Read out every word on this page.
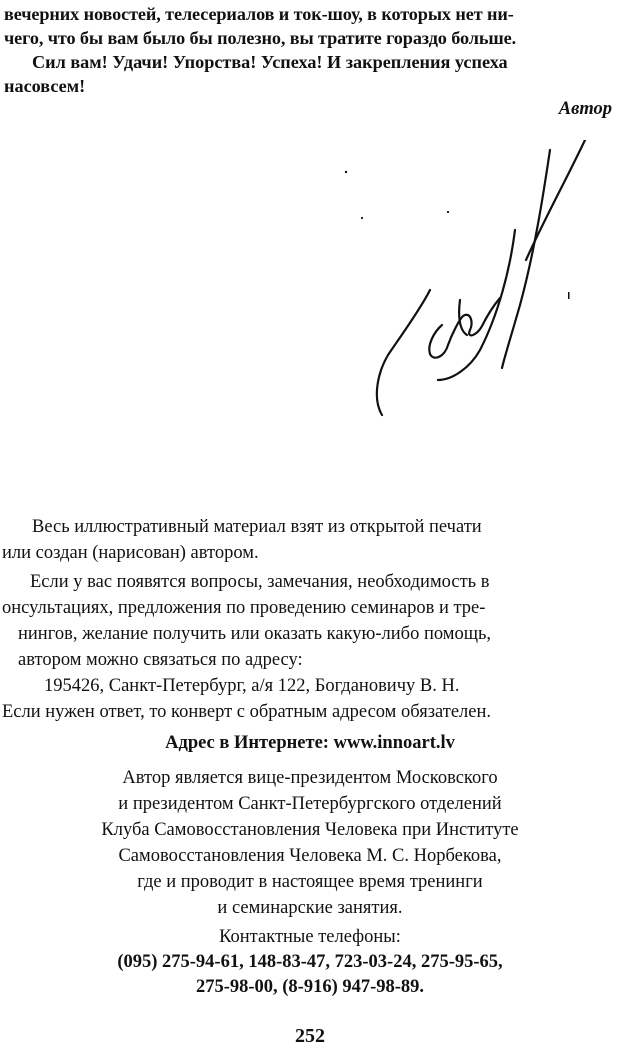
вечерних новостей, телесериалов и ток-шоу, в которых нет ни-
чего, что бы вам было бы полезно, вы тратите гораздо больше.
Сил вам! Удачи! Упорства! Успеха! И закрепления успеха
насовсем!
Автор
Весь иллюстративный материал взят из открытой печати
или создан (нарисован) автором.
Если у вас появятся вопросы, замечания, необходимость в
онсультациях, предложения по проведению семинаров и тре-
нингов, желание получить или оказать какую-либо помощь,
автором можно связаться по адресу:
195426, Санкт-Петербург, а/я 122, Богдановичу В. Н.
Если нужен ответ, то конверт с обратным адресом обязателен.
Адрес в Интернете: www.innoart.lv
Автор является вице-президентом Московского
и президентом Санкт-Петербургского отделений
Клуба Самовосстановления Человека при Институте
Самовосстановления Человека М. С. Норбекова,
где и проводит в настоящее время тренинги
и семинарские занятия.
Контактные телефоны:
(095) 275-94-61, 148-83-47, 723-03-24, 275-95-65,
275-98-00, (8-916) 947-98-89.
252
